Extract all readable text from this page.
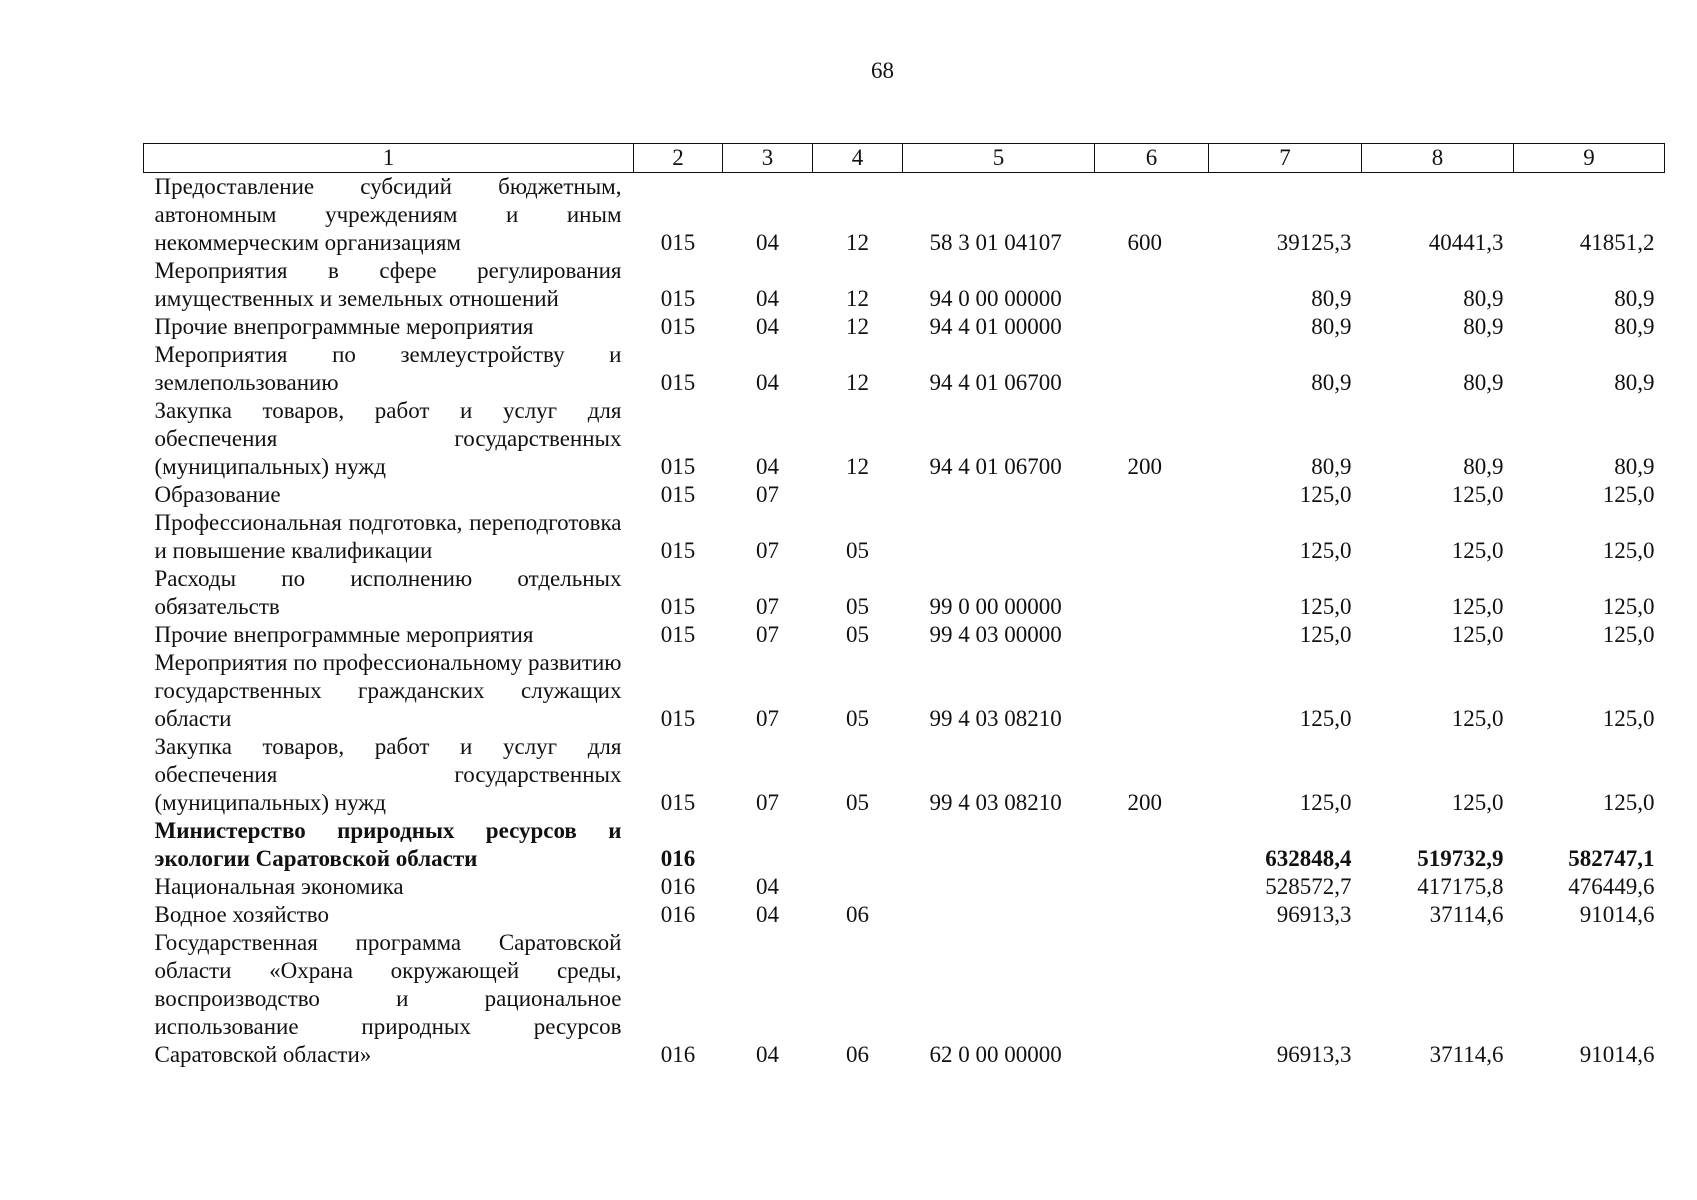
68
1	2	3	4	5	6	7	8	9
Предоставление субсидий бюджетным, автономным учреждениям и иным некоммерческим организациям	015	04	12	58 3 01 04107	600	39125,3	40441,3	41851,2
Мероприятия в сфере регулирования имущественных и земельных отношений	015	04	12	94 0 00 00000		80,9	80,9	80,9
Прочие внепрограммные мероприятия	015	04	12	94 4 01 00000		80,9	80,9	80,9
Мероприятия по землеустройству и землепользованию	015	04	12	94 4 01 06700		80,9	80,9	80,9
Закупка товаров, работ и услуг для обеспечения государственных (муниципальных) нужд	015	04	12	94 4 01 06700	200	80,9	80,9	80,9
Образование	015	07				125,0	125,0	125,0
Профессиональная подготовка, переподготовка и повышение квалификации	015	07	05			125,0	125,0	125,0
Расходы по исполнению отдельных обязательств	015	07	05	99 0 00 00000		125,0	125,0	125,0
Прочие внепрограммные мероприятия	015	07	05	99 4 03 00000		125,0	125,0	125,0
Мероприятия по профессиональному развитию государственных гражданских служащих области	015	07	05	99 4 03 08210		125,0	125,0	125,0
Закупка товаров, работ и услуг для обеспечения государственных (муниципальных) нужд	015	07	05	99 4 03 08210	200	125,0	125,0	125,0
Министерство природных ресурсов и экологии Саратовской области	016					632848,4	519732,9	582747,1
Национальная экономика	016	04				528572,7	417175,8	476449,6
Водное хозяйство	016	04	06			96913,3	37114,6	91014,6
Государственная программа Саратовской области «Охрана окружающей среды, воспроизводство и рациональное использование природных ресурсов Саратовской области»	016	04	06	62 0 00 00000		96913,3	37114,6	91014,6
